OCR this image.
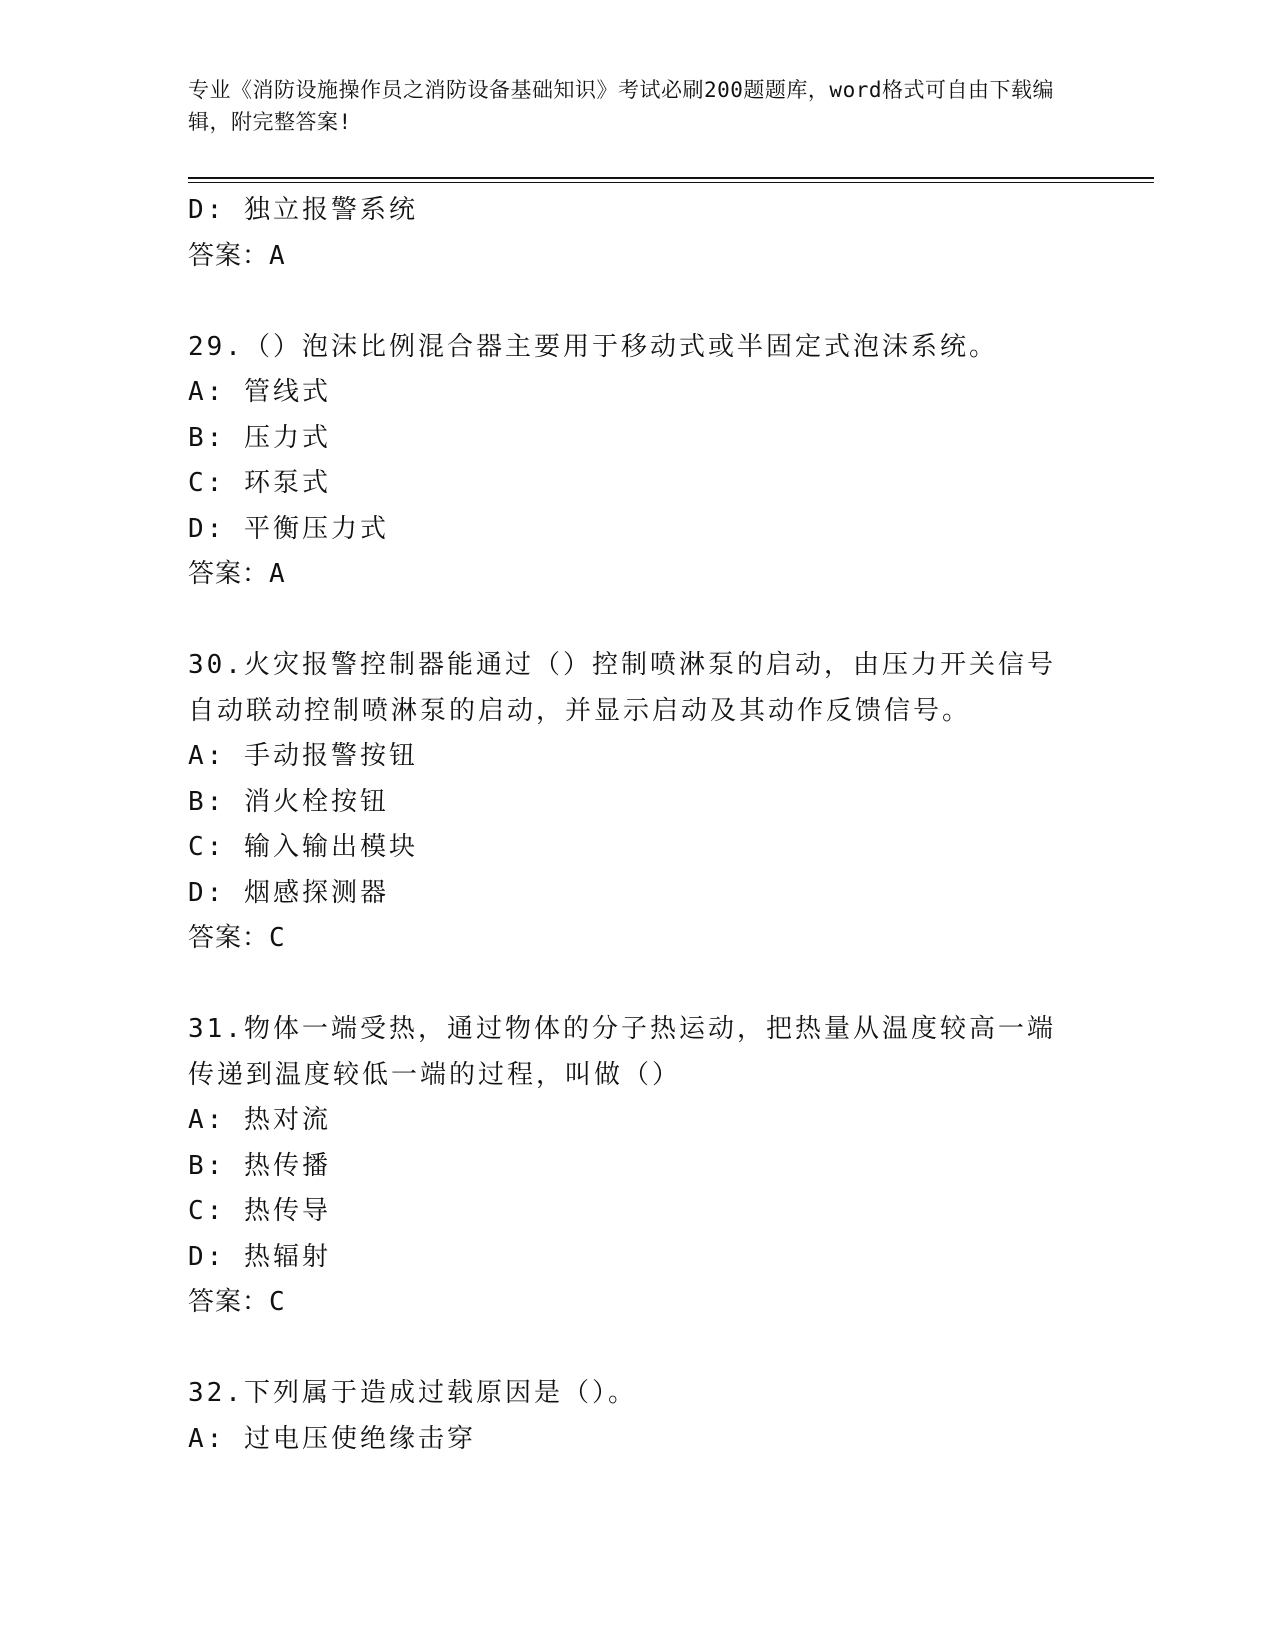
专业《消防设施操作员之消防设备基础知识》考试必刷200题题库，word格式可自由下载编辑，附完整答案!
D: 独立报警系统
答案：A
29.（）泡沫比例混合器主要用于移动式或半固定式泡沫系统。
A: 管线式
B: 压力式
C: 环泵式
D: 平衡压力式
答案：A
30.火灾报警控制器能通过（）控制喷淋泵的启动，由压力开关信号自动联动控制喷淋泵的启动，并显示启动及其动作反馈信号。
A: 手动报警按钮
B: 消火栓按钮
C: 输入输出模块
D: 烟感探测器
答案：C
31.物体一端受热，通过物体的分子热运动，把热量从温度较高一端传递到温度较低一端的过程，叫做（）
A: 热对流
B: 热传播
C: 热传导
D: 热辐射
答案：C
32.下列属于造成过载原因是（）。
A: 过电压使绝缘击穿
